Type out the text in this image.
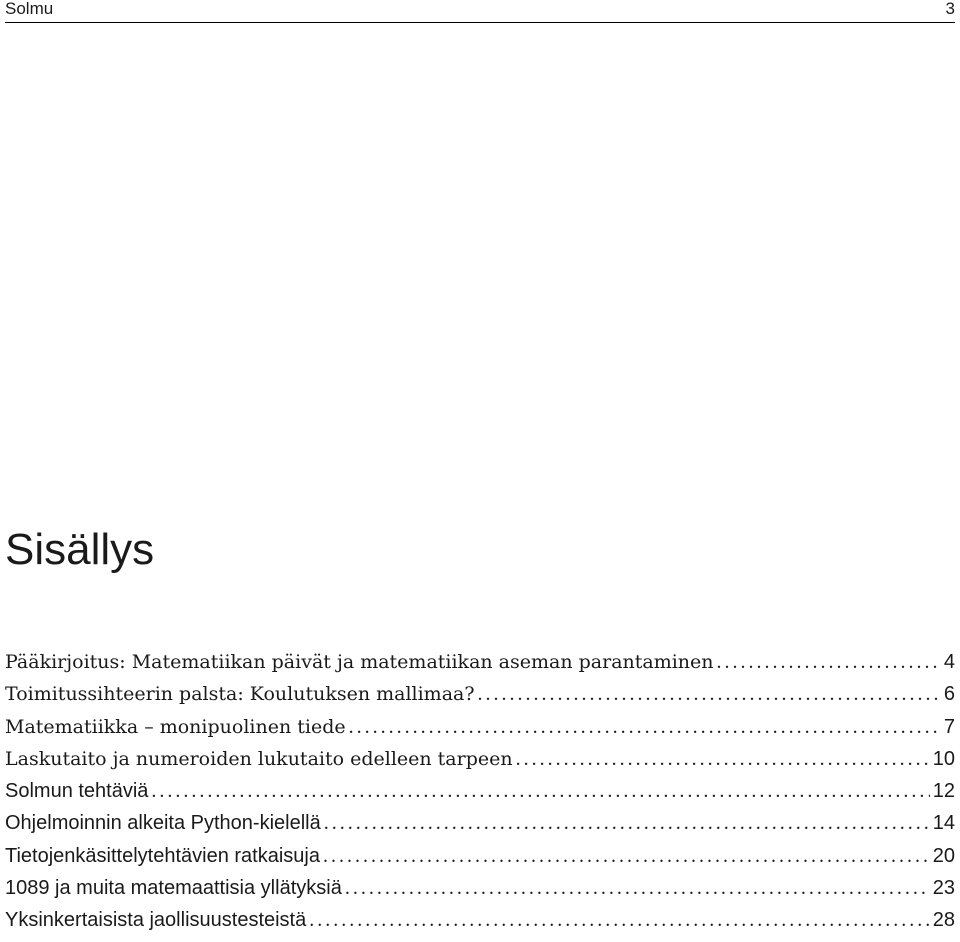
Solmu	3
Sisällys
Pääkirjoitus: Matematiikan päivät ja matematiikan aseman parantaminen . . .	4
Toimitussihteerin palsta: Koulutuksen mallimaa? . . .	6
Matematiikka – monipuolinen tiede . . .	7
Laskutaito ja numeroiden lukutaito edelleen tarpeen . . .	10
Solmun tehtäviä . . .	12
Ohjelmoinnin alkeita Python-kielellä . . .	14
Tietojenkäsittelytehtävien ratkaisuja . . .	20
1089 ja muita matemaattisia yllätyksiä . . .	23
Yksinkertaisista jaollisuustesteistä . . .	28
